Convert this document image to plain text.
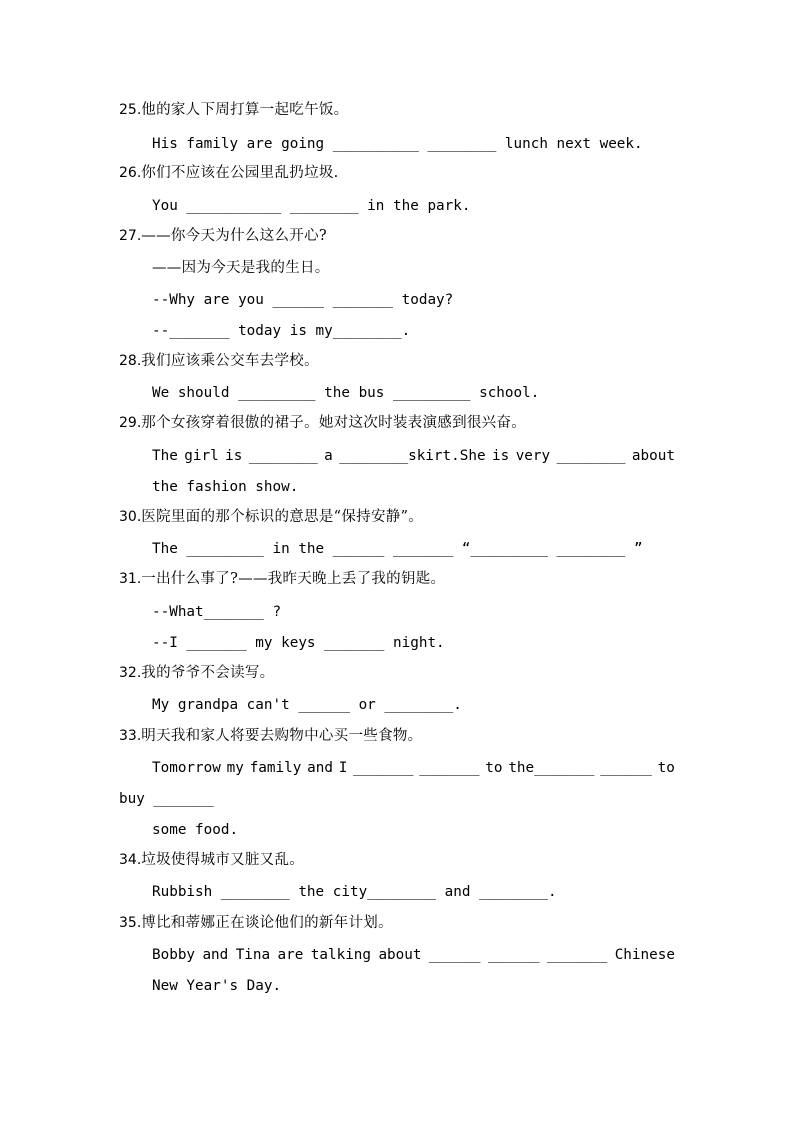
25.他的家人下周打算一起吃午饭。
His family are going __________ ________ lunch next week.
26.你们不应该在公园里乱扔垃圾.
You ___________ ________ in the park.
27.——你今天为什么这么开心?
——因为今天是我的生日。
--Why are you ______ _______ today?
--_______ today is my________.
28.我们应该乘公交车去学校。
We should _________ the bus _________ school.
29.那个女孩穿着很傲的裙子。她对这次时装表演感到很兴奋。
The girl is ________ a ________skirt.She is very ________ about
the fashion show.
30.医院里面的那个标识的意思是“保持安静”。
The _________ in the ______ _______ “_________ ________ ”
31.一出什么事了?——我昨天晚上丢了我的钥匙。
--What_______ ?
--I _______ my keys _______ night.
32.我的爷爷不会读写。
My grandpa can't ______ or ________.
33.明天我和家人将要去购物中心买一些食物。
Tomorrow my family and I _______ _______ to the_______ ______ to
buy _______
some food.
34.垃圾使得城市又脏又乱。
Rubbish ________ the city________ and ________.
35.博比和蒂娜正在谈论他们的新年计划。
Bobby and Tina are talking about ______ ______ _______ Chinese
New Year's Day.
